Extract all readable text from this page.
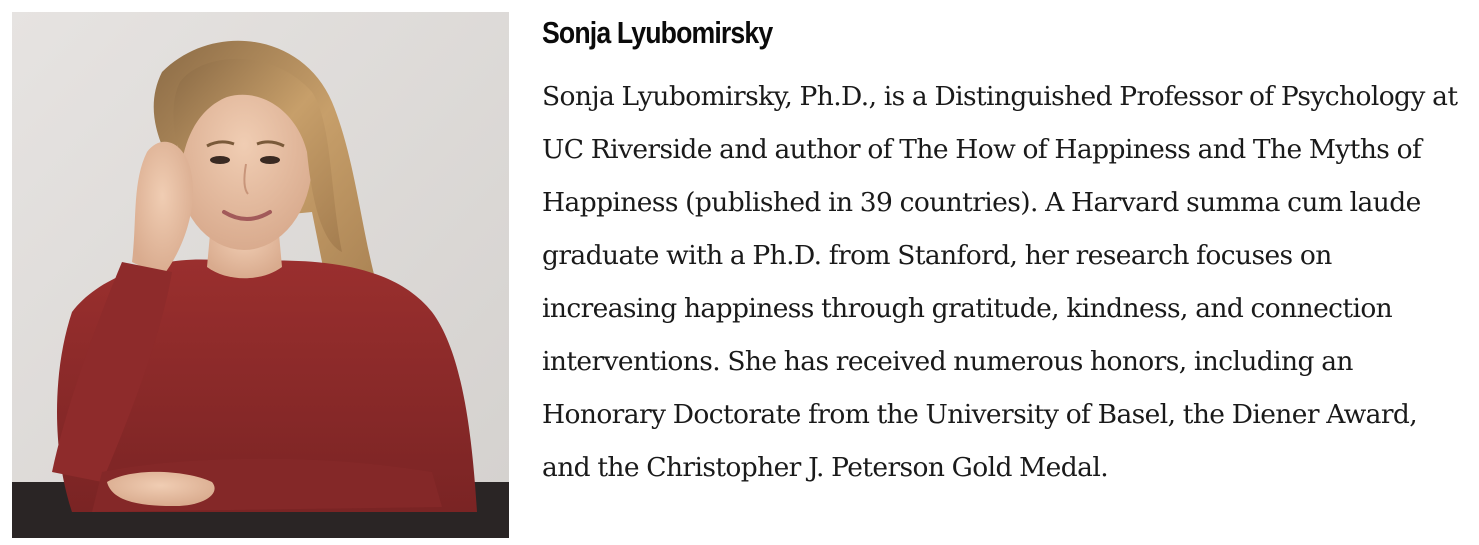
Sonja Lyubomirsky

Sonja Lyubomirsky, Ph.D., is a Distinguished Professor of Psychology at UC Riverside and author of The How of Happiness and The Myths of Happiness (published in 39 countries). A Harvard summa cum laude graduate with a Ph.D. from Stanford, her research focuses on increasing happiness through gratitude, kindness, and connection interventions. She has received numerous honors, including an Honorary Doctorate from the University of Basel, the Diener Award, and the Christopher J. Peterson Gold Medal.
